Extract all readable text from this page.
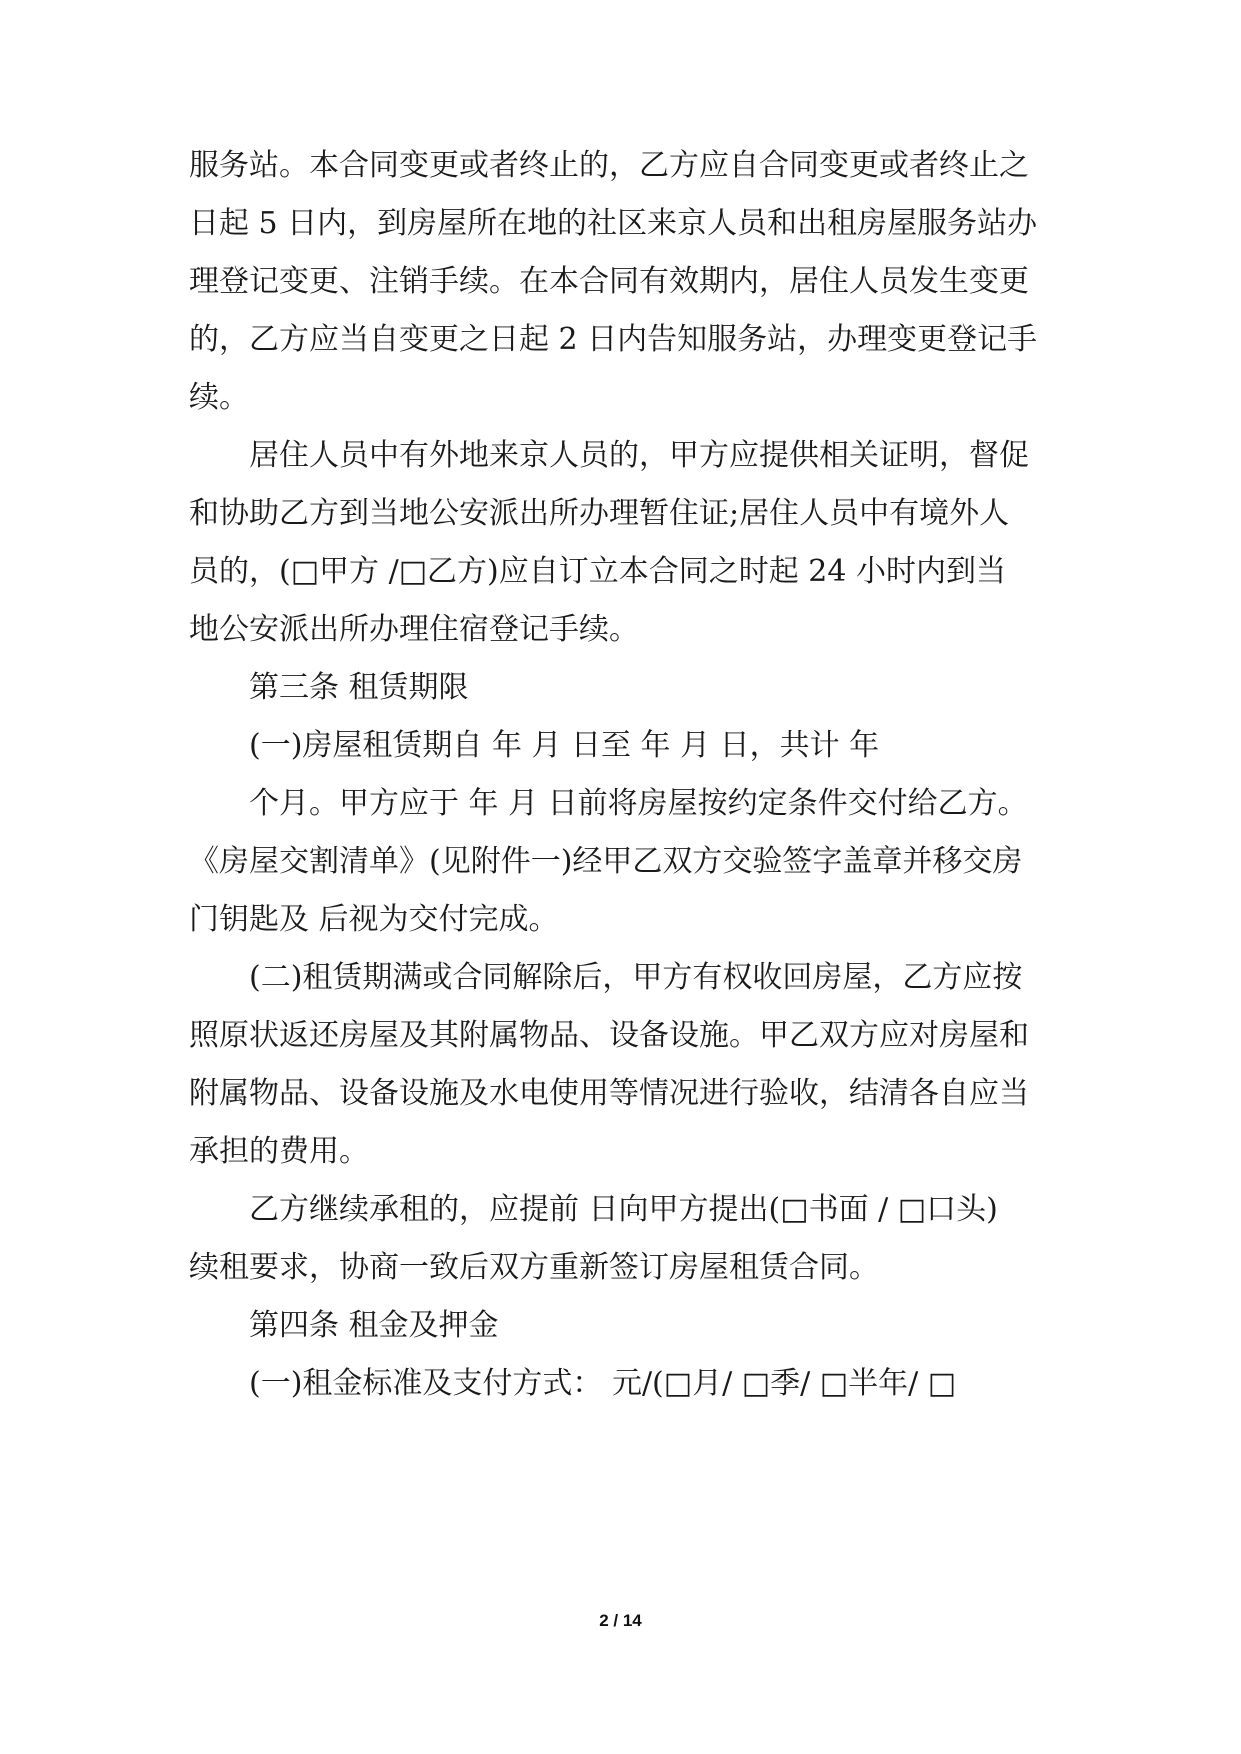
服务站。本合同变更或者终止的，乙方应自合同变更或者终止之

日起 5 日内，到房屋所在地的社区来京人员和出租房屋服务站办

理登记变更、注销手续。在本合同有效期内，居住人员发生变更

的，乙方应当自变更之日起 2 日内告知服务站，办理变更登记手

续。

居住人员中有外地来京人员的，甲方应提供相关证明，督促

和协助乙方到当地公安派出所办理暂住证;居住人员中有境外人

员的，(□甲方 /□乙方)应自订立本合同之时起 24 小时内到当

地公安派出所办理住宿登记手续。

第三条 租赁期限

(一)房屋租赁期自 年 月 日至 年 月 日，共计 年

个月。甲方应于 年 月 日前将房屋按约定条件交付给乙方。

《房屋交割清单》(见附件一)经甲乙双方交验签字盖章并移交房

门钥匙及 后视为交付完成。

(二)租赁期满或合同解除后，甲方有权收回房屋，乙方应按

照原状返还房屋及其附属物品、设备设施。甲乙双方应对房屋和

附属物品、设备设施及水电使用等情况进行验收，结清各自应当

承担的费用。

乙方继续承租的，应提前 日向甲方提出(□书面 / □口头)

续租要求，协商一致后双方重新签订房屋租赁合同。

第四条 租金及押金

(一)租金标准及支付方式： 元/(□月/ □季/ □半年/ □

2 / 14
